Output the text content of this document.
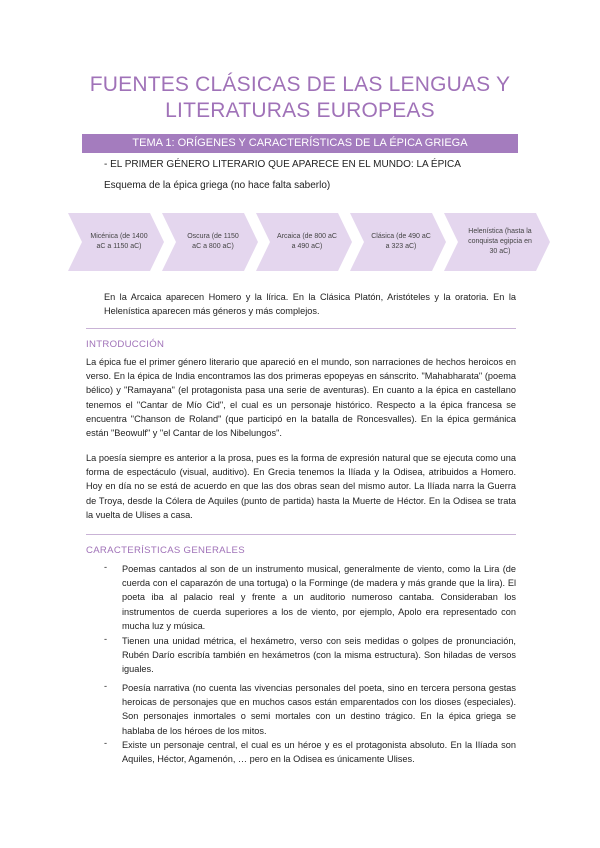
FUENTES CLÁSICAS DE LAS LENGUAS Y LITERATURAS EUROPEAS
TEMA 1: ORÍGENES Y CARACTERÍSTICAS DE LA ÉPICA GRIEGA
- EL PRIMER GÉNERO LITERARIO QUE APARECE EN EL MUNDO: LA ÉPICA
Esquema de la épica griega (no hace falta saberlo)
Micénica (de 1400 aC a 1150 aC)
Oscura (de 1150 aC a 800 aC)
Arcaica (de 800 aC a 490 aC)
Clásica (de 490 aC a 323 aC)
Helenística (hasta la conquista egipcia en 30 aC)
En la Arcaica aparecen Homero y la lírica. En la Clásica Platón, Aristóteles y la oratoria. En la Helenística aparecen más géneros y más complejos.
INTRODUCCIÓN
La épica fue el primer género literario que apareció en el mundo, son narraciones de hechos heroicos en verso. En la épica de India encontramos las dos primeras epopeyas en sánscrito. "Mahabharata" (poema bélico) y "Ramayana" (el protagonista pasa una serie de aventuras). En cuanto a la épica en castellano tenemos el "Cantar de Mío Cid", el cual es un personaje histórico. Respecto a la épica francesa se encuentra "Chanson de Roland" (que participó en la batalla de Roncesvalles). En la épica germánica están "Beowulf" y "el Cantar de los Nibelungos".
La poesía siempre es anterior a la prosa, pues es la forma de expresión natural que se ejecuta como una forma de espectáculo (visual, auditivo). En Grecia tenemos la Ilíada y la Odisea, atribuidos a Homero. Hoy en día no se está de acuerdo en que las dos obras sean del mismo autor. La Ilíada narra la Guerra de Troya, desde la Cólera de Aquiles (punto de partida) hasta la Muerte de Héctor. En la Odisea se trata la vuelta de Ulises a casa.
CARACTERÍSTICAS GENERALES
- Poemas cantados al son de un instrumento musical, generalmente de viento, como la Lira (de cuerda con el caparazón de una tortuga) o la Forminge (de madera y más grande que la lira). El poeta iba al palacio real y frente a un auditorio numeroso cantaba. Consideraban los instrumentos de cuerda superiores a los de viento, por ejemplo, Apolo era representado con mucha luz y música.
- Tienen una unidad métrica, el hexámetro, verso con seis medidas o golpes de pronunciación, Rubén Darío escribía también en hexámetros (con la misma estructura). Son hiladas de versos iguales.
- Poesía narrativa (no cuenta las vivencias personales del poeta, sino en tercera persona gestas heroicas de personajes que en muchos casos están emparentados con los dioses (especiales). Son personajes inmortales o semi mortales con un destino trágico. En la épica griega se hablaba de los héroes de los mitos.
- Existe un personaje central, el cual es un héroe y es el protagonista absoluto. En la Ilíada son Aquiles, Héctor, Agamenón, … pero en la Odisea es únicamente Ulises.
